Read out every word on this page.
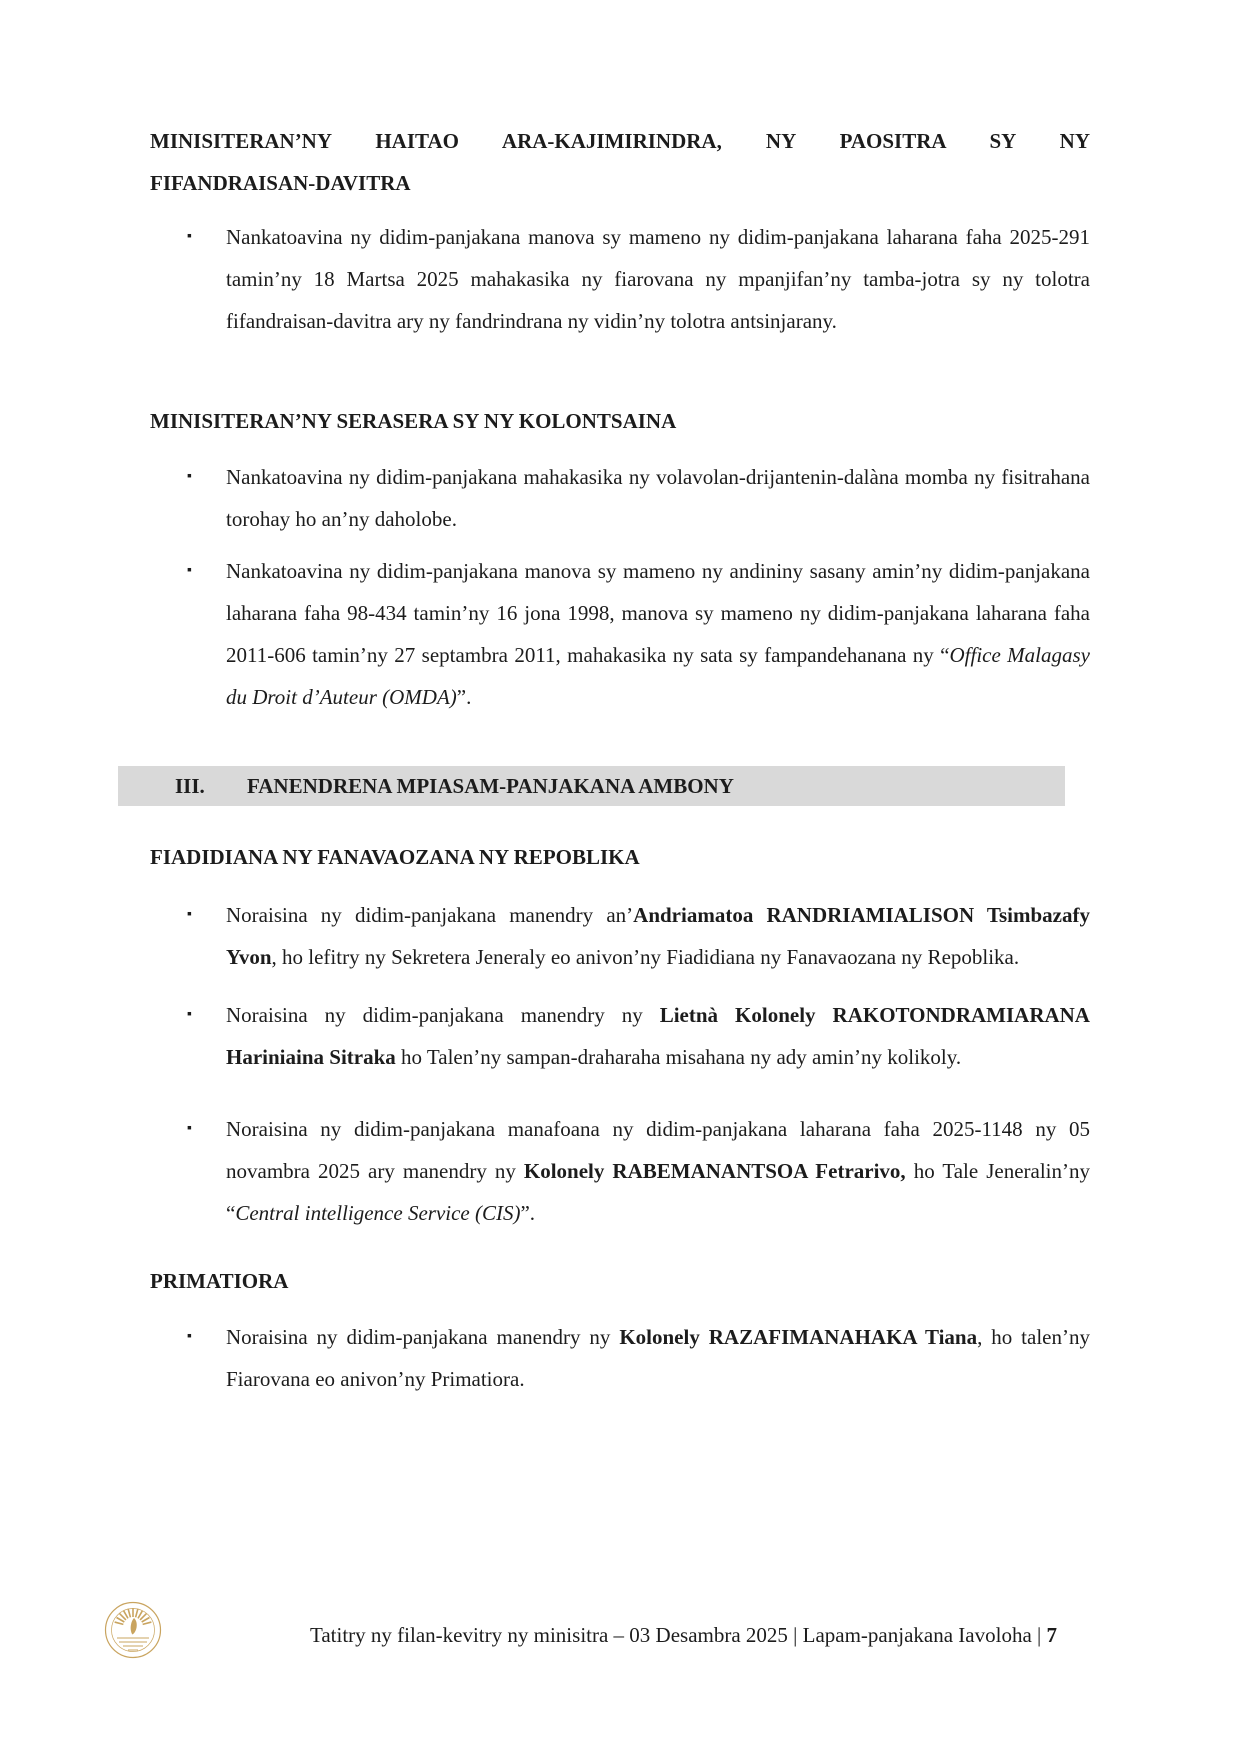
MINISITERAN’NY HAITAO ARA-KAJIMIRINDRA, NY PAOSITRA SY NY
FIFANDRAISAN-DAVITRA

▪ Nankatoavina ny didim-panjakana manova sy mameno ny didim-panjakana laharana faha 2025-291 tamin’ny 18 Martsa 2025 mahakasika ny fiarovana ny mpanjifan’ny tamba-jotra sy ny tolotra fifandraisan-davitra ary ny fandrindrana ny vidin’ny tolotra antsinjarany.

MINISITERAN’NY SERASERA SY NY KOLONTSAINA

▪ Nankatoavina ny didim-panjakana mahakasika ny volavolan-drijantenin-dalàna momba ny fisitrahana torohay ho an’ny daholobe.

▪ Nankatoavina ny didim-panjakana manova sy mameno ny andininy sasany amin’ny didim-panjakana laharana faha 98-434 tamin’ny 16 jona 1998, manova sy mameno ny didim-panjakana laharana faha 2011-606 tamin’ny 27 septambra 2011, mahakasika ny sata sy fampandehanana ny “Office Malagasy du Droit d’Auteur (OMDA)”.

III. FANENDRENA MPIASAM-PANJAKANA AMBONY
FIADIDIANA NY FANAVAOZANA NY REPOBLIKA

▪ Noraisina ny didim-panjakana manendry an’Andriamatoa RANDRIAMIALISON Tsimbazafy Yvon, ho lefitry ny Sekretera Jeneraly eo anivon’ny Fiadidiana ny Fanavaozana ny Repoblika.

▪ Noraisina ny didim-panjakana manendry ny Lietnà Kolonely RAKOTONDRAMIARANA Hariniaina Sitraka ho Talen’ny sampan-draharaha misahana ny ady amin’ny kolikoly.

▪ Noraisina ny didim-panjakana manafoana ny didim-panjakana laharana faha 2025-1148 ny 05 novambra 2025 ary manendry ny Kolonely RABEMANANTSOA Fetrarivo, ho Tale Jeneralin’ny “Central intelligence Service (CIS)”.

PRIMATIORA

▪ Noraisina ny didim-panjakana manendry ny Kolonely RAZAFIMANAHAKA Tiana, ho talen’ny Fiarovana eo anivon’ny Primatiora.

Tatitry ny filan-kevitry ny minisitra – 03 Desambra 2025 | Lapam-panjakana Iavoloha | 7
